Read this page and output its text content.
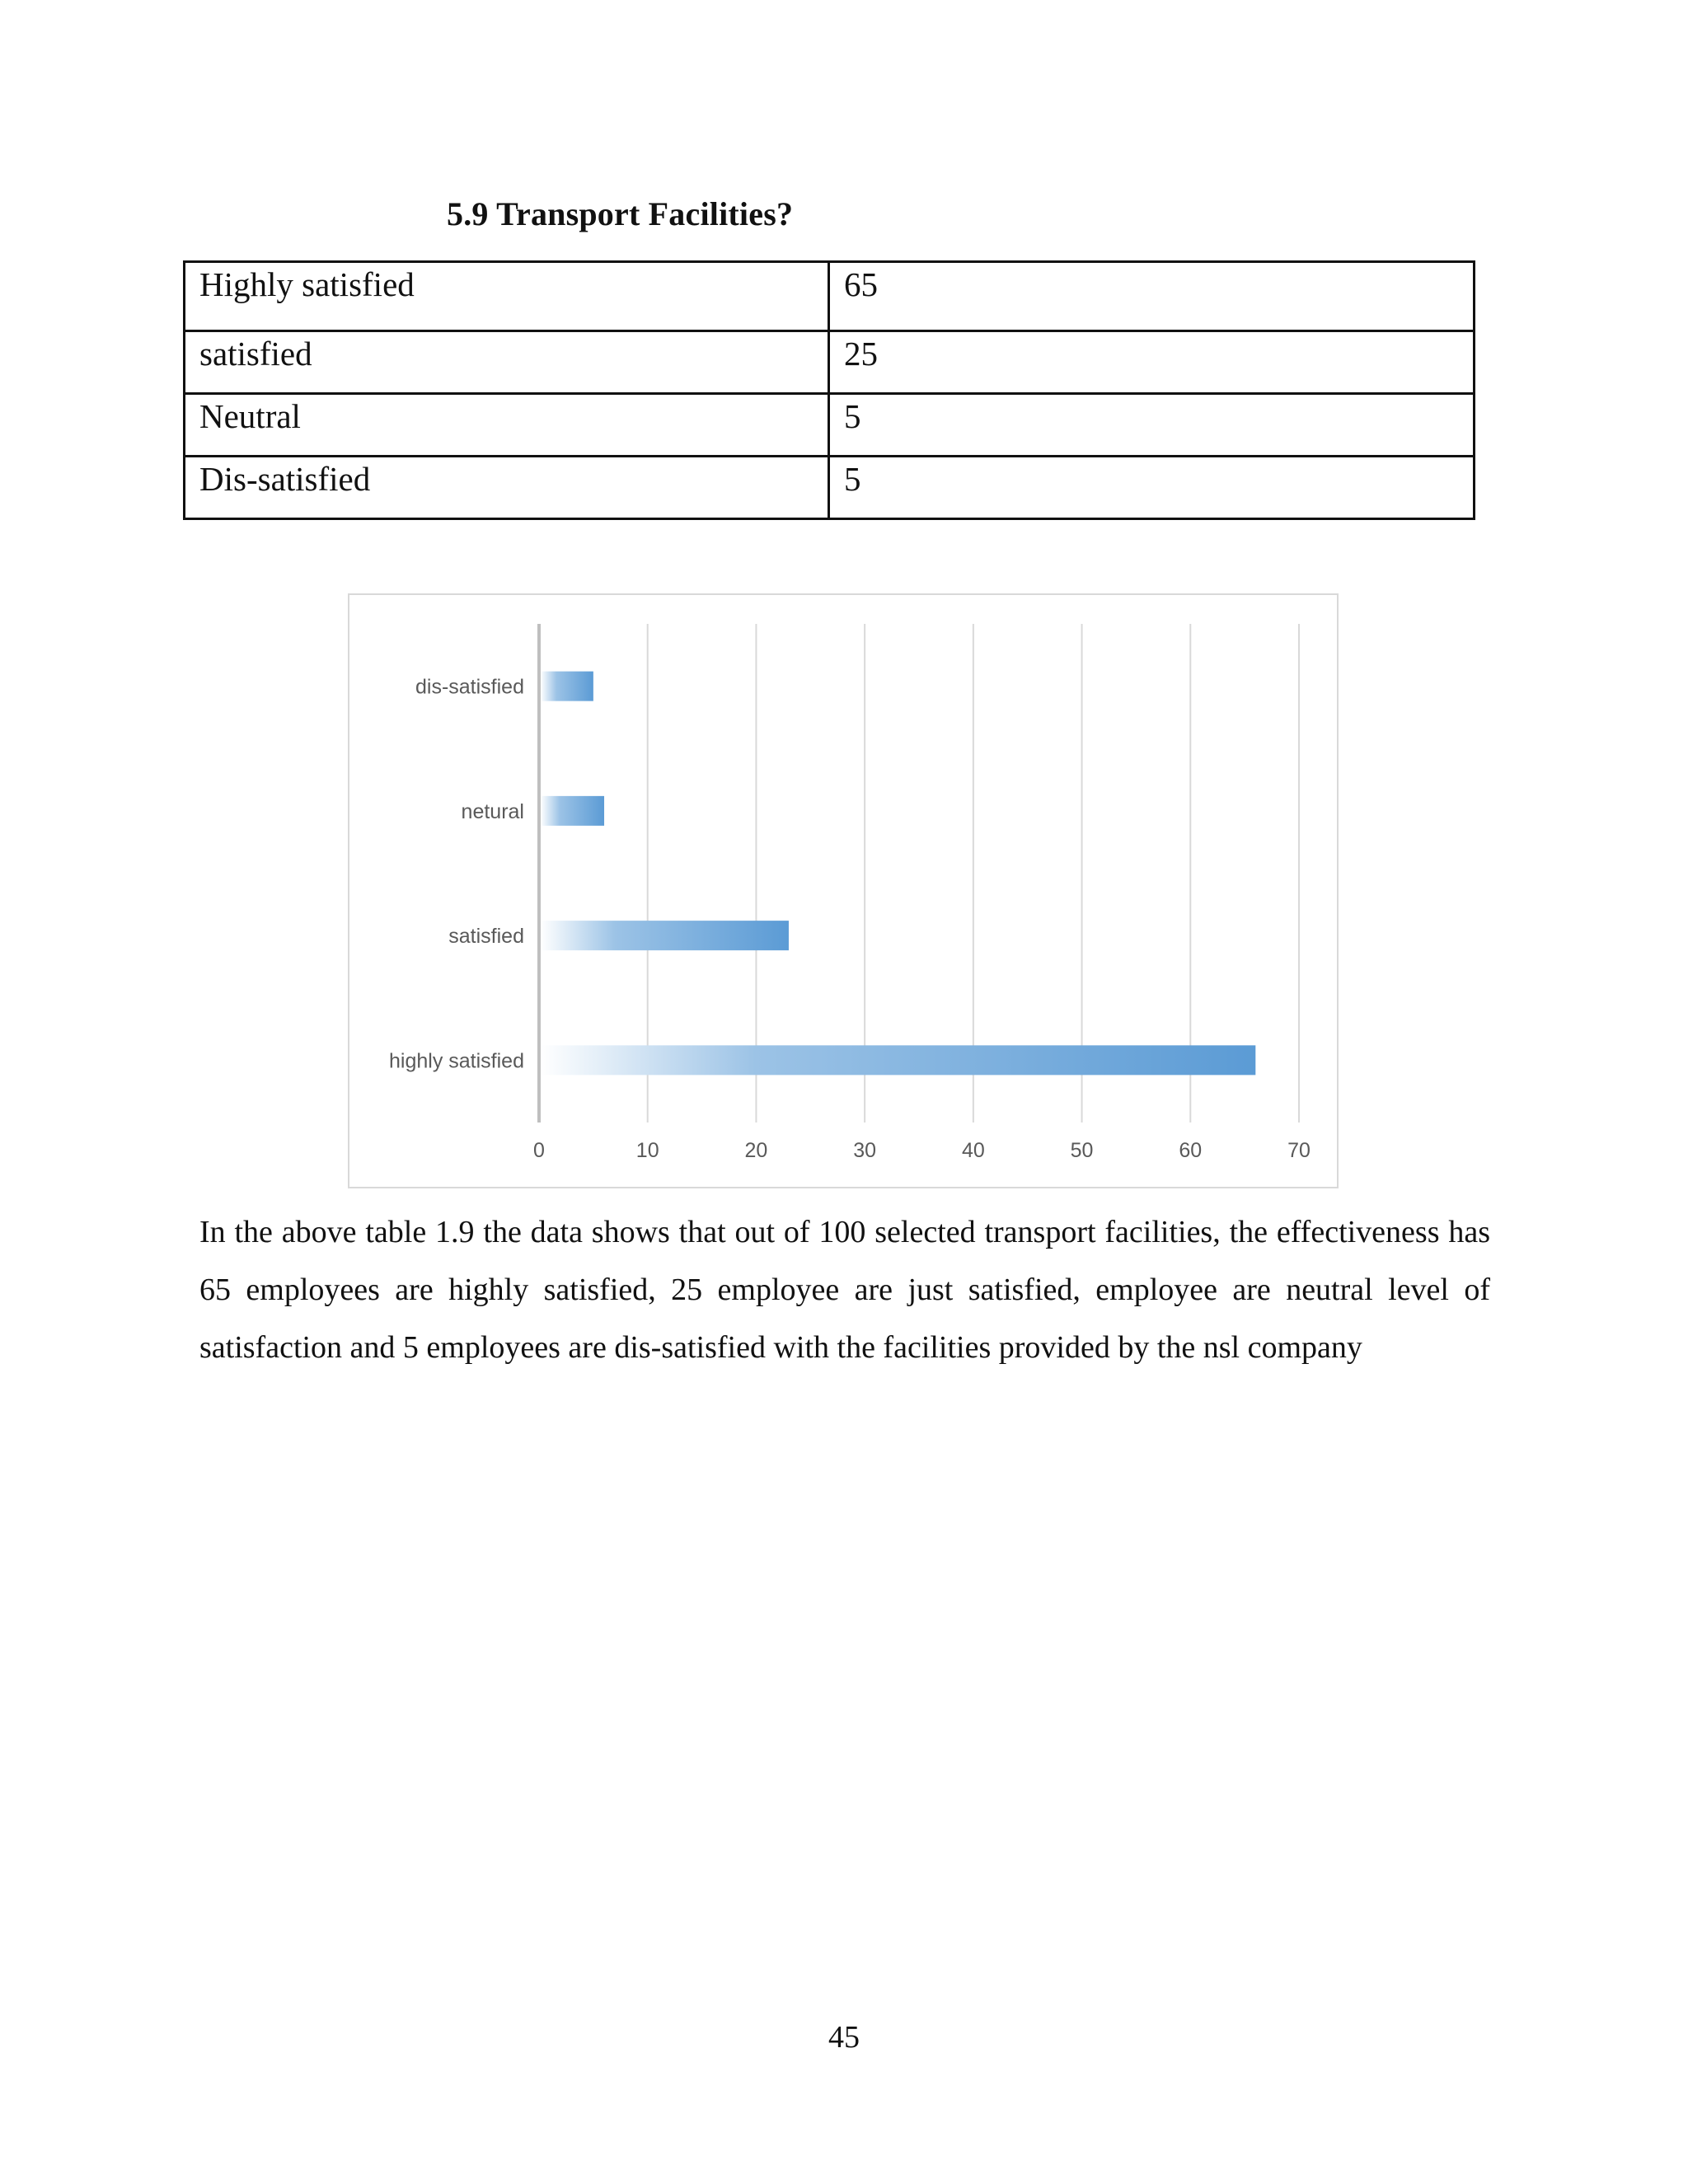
5.9 Transport Facilities?
Highly satisfied	65
satisfied	25
Neutral	5
Dis-satisfied	5
0	10	20	30	40	50	60	70
highly satisfied
satisfied
netural
dis-satisfied
In the above table 1.9 the data shows that out of 100 selected transport facilities, the effectiveness has 65 employees are highly satisfied, 25 employee are just satisfied, employee are neutral level of satisfaction and 5 employees are dis-satisfied with the facilities provided by the nsl company
45
